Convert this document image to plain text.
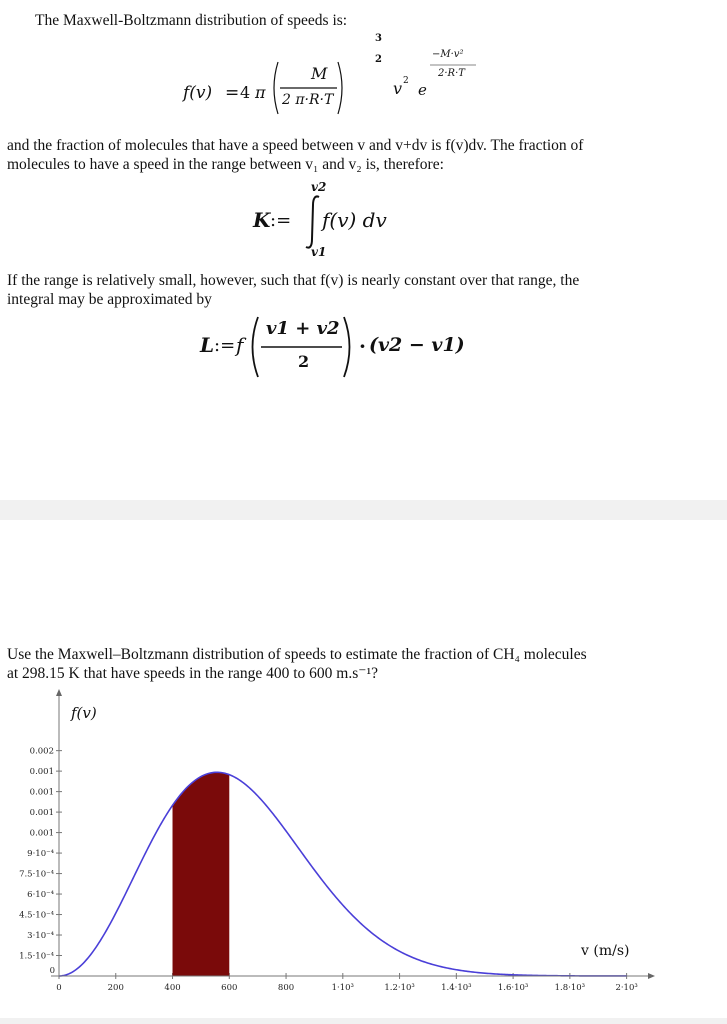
The Maxwell-Boltzmann distribution of speeds is:

f(v) = 4 π
M
2 π·R·T
3
2
v 2 e
−M·v²
2·R·T

and the fraction of molecules that have a speed between v and v+dv is f(v)dv. The fraction of

molecules to have a speed in the range between v₁ and v₂ is, therefore:

v2
K := f(v) dv
v1

If the range is relatively small, however, such that f(v) is nearly constant over that range, the

integral may be approximated by

L := f
v1 + v2
2
· (v2 − v1)

Use the Maxwell–Boltzmann distribution of speeds to estimate the fraction of CH₄ molecules

at 298.15 K that have speeds in the range 400 to 600 m.s⁻¹?

1.5·10⁻⁴
3·10⁻⁴
4.5·10⁻⁴
6·10⁻⁴
7.5·10⁻⁴
9·10⁻⁴
0.001
0.001
0.001
0.001
0.002
0
0	200	400	600	800	1·10³	1.2·10³	1.4·10³	1.6·10³	1.8·10³	2·10³
f(v)
v (m/s)
